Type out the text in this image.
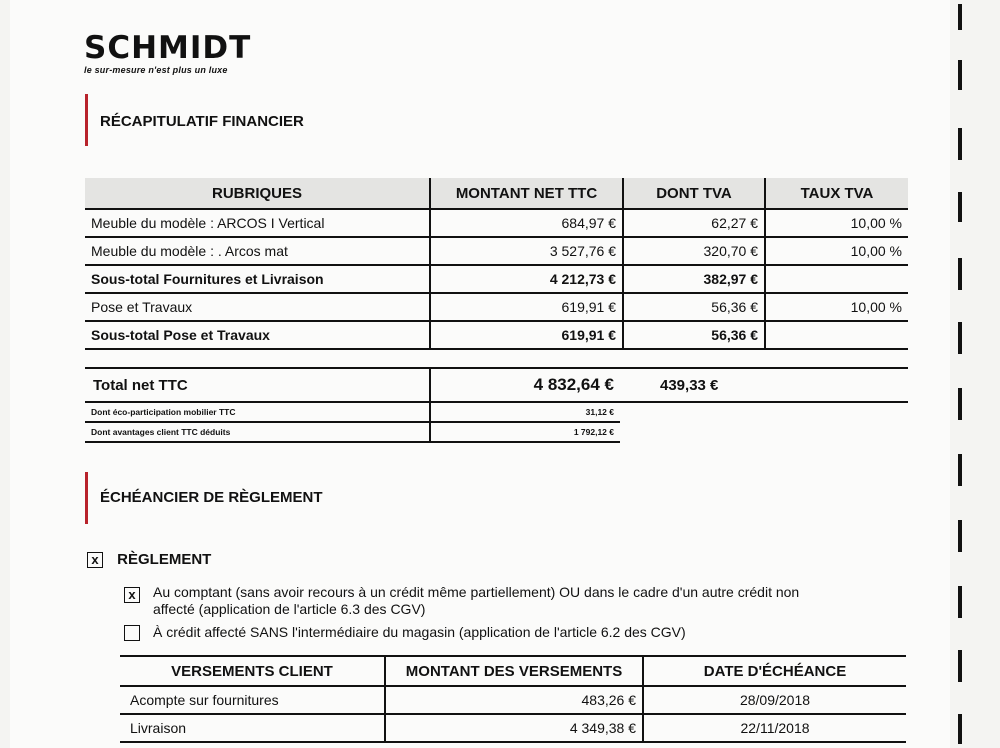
SCHMIDT
le sur-mesure n'est plus un luxe
RÉCAPITULATIF FINANCIER
RUBRIQUES	MONTANT NET TTC	DONT TVA	TAUX TVA
Meuble du modèle : ARCOS I Vertical	684,97 €	62,27 €	10,00 %
Meuble du modèle : . Arcos mat	3 527,76 €	320,70 €	10,00 %
Sous-total Fournitures et Livraison	4 212,73 €	382,97 €	
Pose et Travaux	619,91 €	56,36 €	10,00 %
Sous-total Pose et Travaux	619,91 €	56,36 €	
Total net TTC	4 832,64 €	439,33 €
Dont éco-participation mobilier TTC	31,12 €	
Dont avantages client TTC déduits	1 792,12 €	
ÉCHÉANCIER DE RÈGLEMENT
x RÈGLEMENT
x	Au comptant (sans avoir recours à un crédit même partiellement) OU dans le cadre d'un autre crédit non
affecté (application de l'article 6.3 des CGV)
À crédit affecté SANS l'intermédiaire du magasin (application de l'article 6.2 des CGV)
VERSEMENTS CLIENT	MONTANT DES VERSEMENTS	DATE D'ÉCHÉANCE
Acompte sur fournitures	483,26 €	28/09/2018
Livraison	4 349,38 €	22/11/2018
